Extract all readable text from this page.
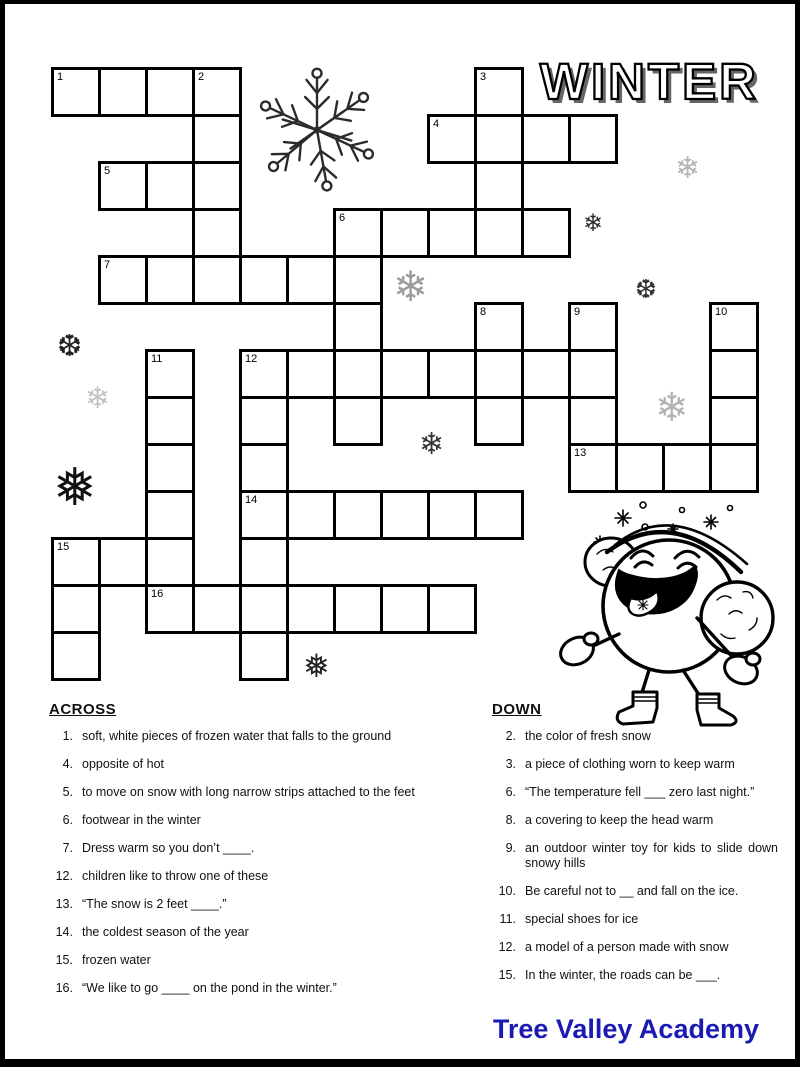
WINTER
1	2	3
4
5
6
7
8	9	10
11	12
13
14
15
16
ACROSS
1. soft, white pieces of frozen water that falls to the ground
4. opposite of hot
5. to move on snow with long narrow strips attached to the feet
6. footwear in the winter
7. Dress warm so you don’t ____.
12. children like to throw one of these
13. “The snow is 2 feet ____.”
14. the coldest season of the year
15. frozen water
16. “We like to go ____ on the pond in the winter.”
DOWN
2. the color of fresh snow
3. a piece of clothing worn to keep warm
6. “The temperature fell ___ zero last night.”
8. a covering to keep the head warm
9. an outdoor winter toy for kids to slide down snowy hills
10. Be careful not to __ and fall on the ice.
11. special shoes for ice
12. a model of a person made with snow
15. In the winter, the roads can be ___.
Tree Valley Academy
❄
❄
❆
❄
❆
❄
❅
❄
❄
❅
